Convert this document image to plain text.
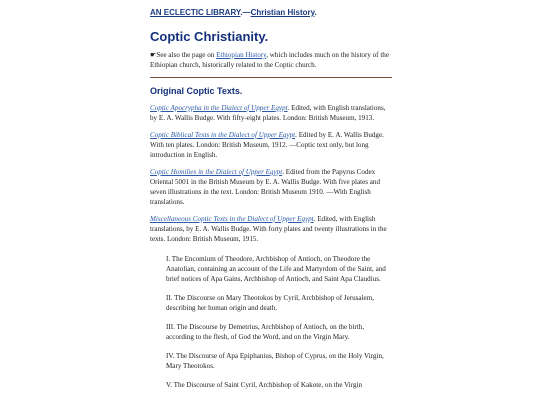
AN ECLECTIC LIBRARY.—Christian History.
Coptic Christianity.

☛See also the page on Ethiopian History, which includes much on the history of the Ethiopian church, historically related to the Coptic church.

Original Coptic Texts.

Coptic Apocrypha in the Dialect of Upper Egypt. Edited, with English translations, by E. A. Wallis Budge. With fifty-eight plates. London: British Museum, 1913.

Coptic Biblical Texts in the Dialect of Upper Egypt. Edited by E. A. Wallis Budge. With ten plates. London: British Museum, 1912. —Coptic text only, but long introduction in English.

Coptic Homilies in the Dialect of Upper Egypt. Edited from the Papyrus Codex Oriental 5001 in the British Museum by E. A. Wallis Budge. With five plates and seven illustrations in the text. London: British Museum 1910. —With English translations.

Miscellaneous Coptic Texts in the Dialect of Upper Egypt. Edited, with English translations, by E. A. Wallis Budge. With forty plates and twenty illustrations in the texts. London: British Museum, 1915.

I. The Encomium of Theodore, Archbishop of Antioch, on Theodore the Anatolian, containing an account of the Life and Martyrdom of the Saint, and brief notices of Apa Gains, Archbishop of Antioch, and Saint Apa Claudius.

II. The Discourse on Mary Theotokos by Cyril, Archbishop of Jerusalem, describing her human origin and death.

III. The Discourse by Demetrius, Archbishop of Antioch, on the birth, according to the flesh, of God the Word, and on the Virgin Mary.

IV. The Discourse of Apa Epiphanius, Bishop of Cyprus, on the Holy Virgin, Mary Theotokos.

V. The Discourse of Saint Cyril, Archbishop of Kakote, on the Virgin
